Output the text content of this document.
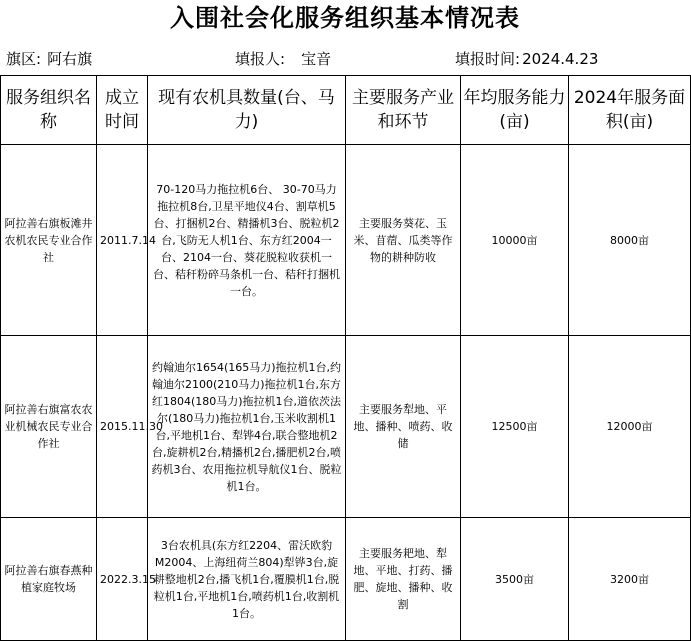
入围社会化服务组织基本情况表
旗区: 阿右旗	填报人: 宝音	填报时间: 2024.4.23
服务组织名称	成立时间	现有农机具数量(台、马力)	主要服务产业和环节	年均服务能力(亩)	2024年服务面积(亩)

阿拉善右旗板滩井农机农民专业合作社	2011.7.14	70-120马力拖拉机6台、 30-70马力拖拉机8台,卫星平地仪4台、割草机5台、打捆机2台、精播机3台、脱粒机2台,飞防无人机1台、东方红2004一台、2104一台、葵花脱粒收获机一台、秸秆粉碎马条机一台、秸秆打捆机一台。	主要服务葵花、玉米、苜蓿、瓜类等作物的耕种防收	10000亩	8000亩

阿拉善右旗富农农业机械农民专业合作社	2015.11.30	约翰迪尔1654(165马力)拖拉机1台,约翰迪尔2100(210马力)拖拉机1台,东方红1804(180马力)拖拉机1台,道依茨法尔(180马力)拖拉机1台,玉米收割机1台,平地机1台、犁铧4台,联合整地机2台,旋耕机2台,精播机2台,播肥机2台,喷药机3台、农用拖拉机导航仪1台、脱粒机1台。	主要服务犁地、平地、播种、喷药、收储	12500亩	12000亩

阿拉善右旗春燕种植家庭牧场	2022.3.15	3台农机具(东方红2204、雷沃欧豹M2004、上海纽荷兰804)犁铧3台,旋耕整地机2台,播飞机1台,覆膜机1台,脱粒机1台,平地机1台,喷药机1台,收割机1台。	主要服务耙地、犁地、平地、打药、播肥、旋地、播种、收割	3500亩	3200亩
